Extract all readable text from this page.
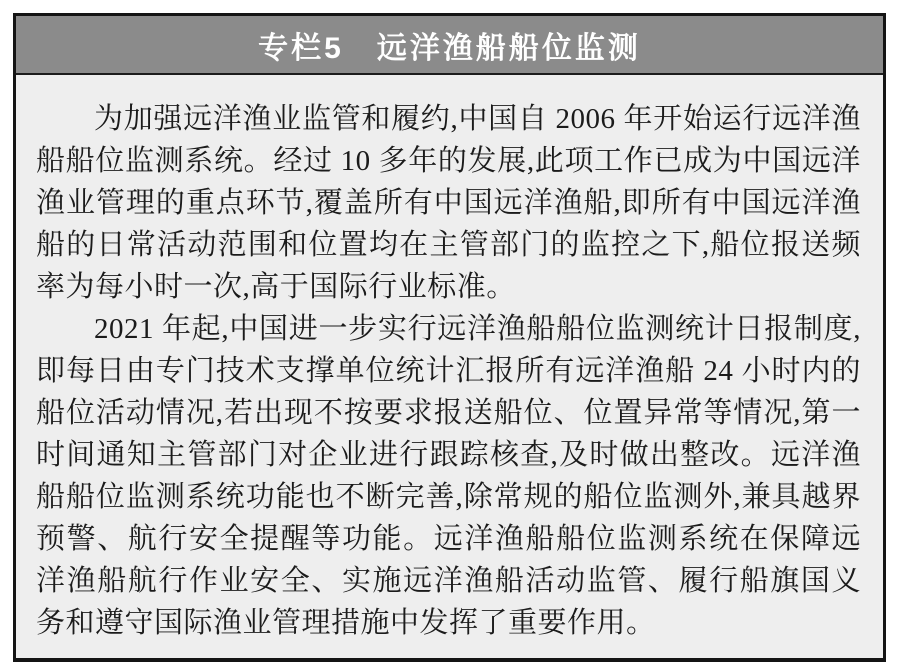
专栏5　远洋渔船船位监测

为加强远洋渔业监管和履约,中国自 2006 年开始运行远洋渔船船位监测系统。经过 10 多年的发展,此项工作已成为中国远洋渔业管理的重点环节,覆盖所有中国远洋渔船,即所有中国远洋渔船的日常活动范围和位置均在主管部门的监控之下,船位报送频率为每小时一次,高于国际行业标准。

2021 年起,中国进一步实行远洋渔船船位监测统计日报制度,即每日由专门技术支撑单位统计汇报所有远洋渔船 24 小时内的船位活动情况,若出现不按要求报送船位、位置异常等情况,第一时间通知主管部门对企业进行跟踪核查,及时做出整改。远洋渔船船位监测系统功能也不断完善,除常规的船位监测外,兼具越界预警、航行安全提醒等功能。远洋渔船船位监测系统在保障远洋渔船航行作业安全、实施远洋渔船活动监管、履行船旗国义务和遵守国际渔业管理措施中发挥了重要作用。
